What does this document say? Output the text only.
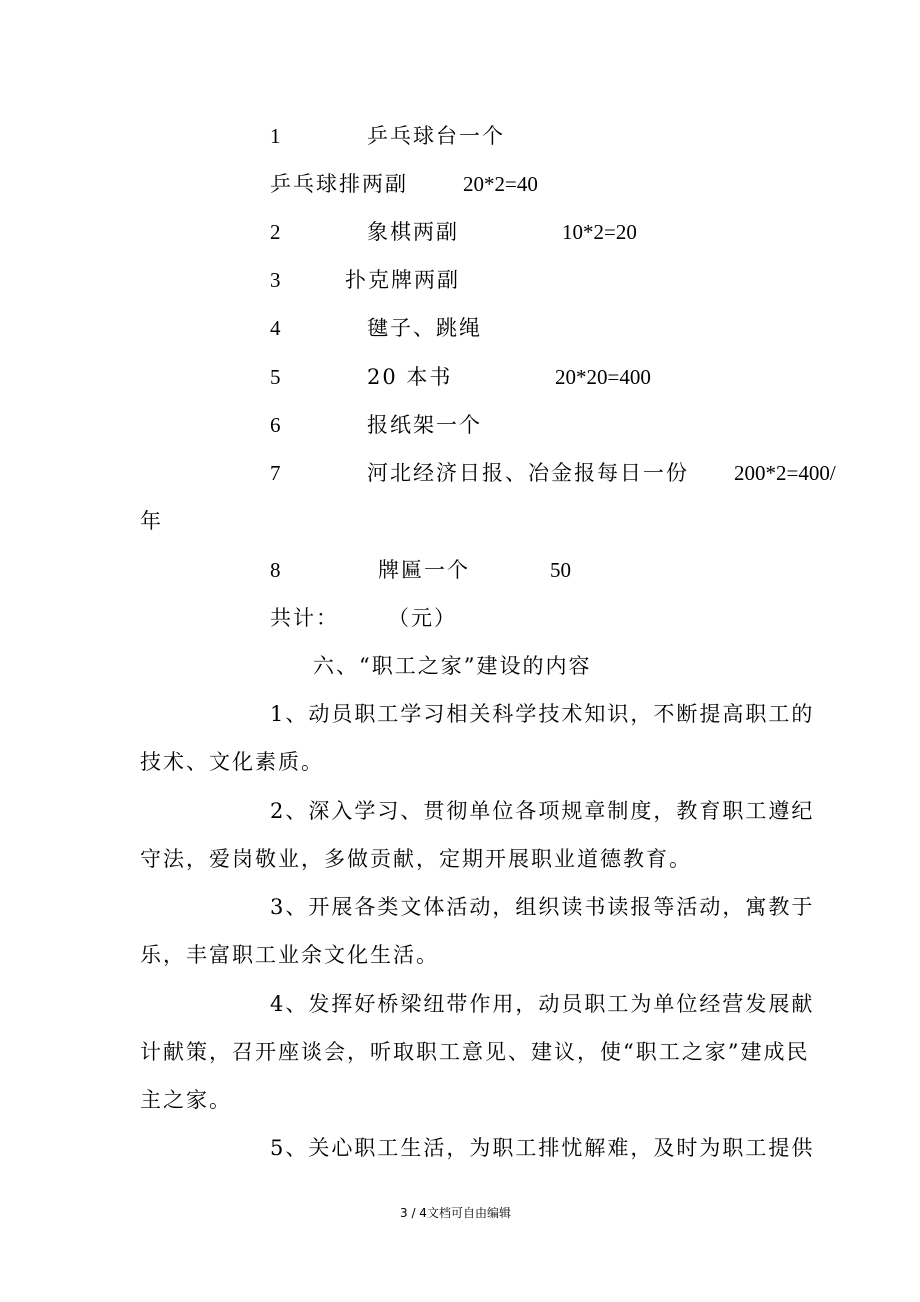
1	乒乓球台一个
乒乓球排两副	20*2=40
2	象棋两副	10*2=20
3	扑克牌两副
4	毽子、跳绳
5	20 本书	20*20=400
6	报纸架一个
7	河北经济日报、冶金报每日一份 200*2=400/
年
8	牌匾一个	50
共计： （元）
六、“职工之家”建设的内容
1、动员职工学习相关科学技术知识，不断提高职工的
技术、文化素质。
2、深入学习、贯彻单位各项规章制度，教育职工遵纪
守法，爱岗敬业，多做贡献，定期开展职业道德教育。
3、开展各类文体活动，组织读书读报等活动，寓教于
乐，丰富职工业余文化生活。
4、发挥好桥梁纽带作用，动员职工为单位经营发展献
计献策，召开座谈会，听取职工意见、建议，使“职工之家”建成民
主之家。
5、关心职工生活，为职工排忧解难，及时为职工提供
3 / 4文档可自由编辑
